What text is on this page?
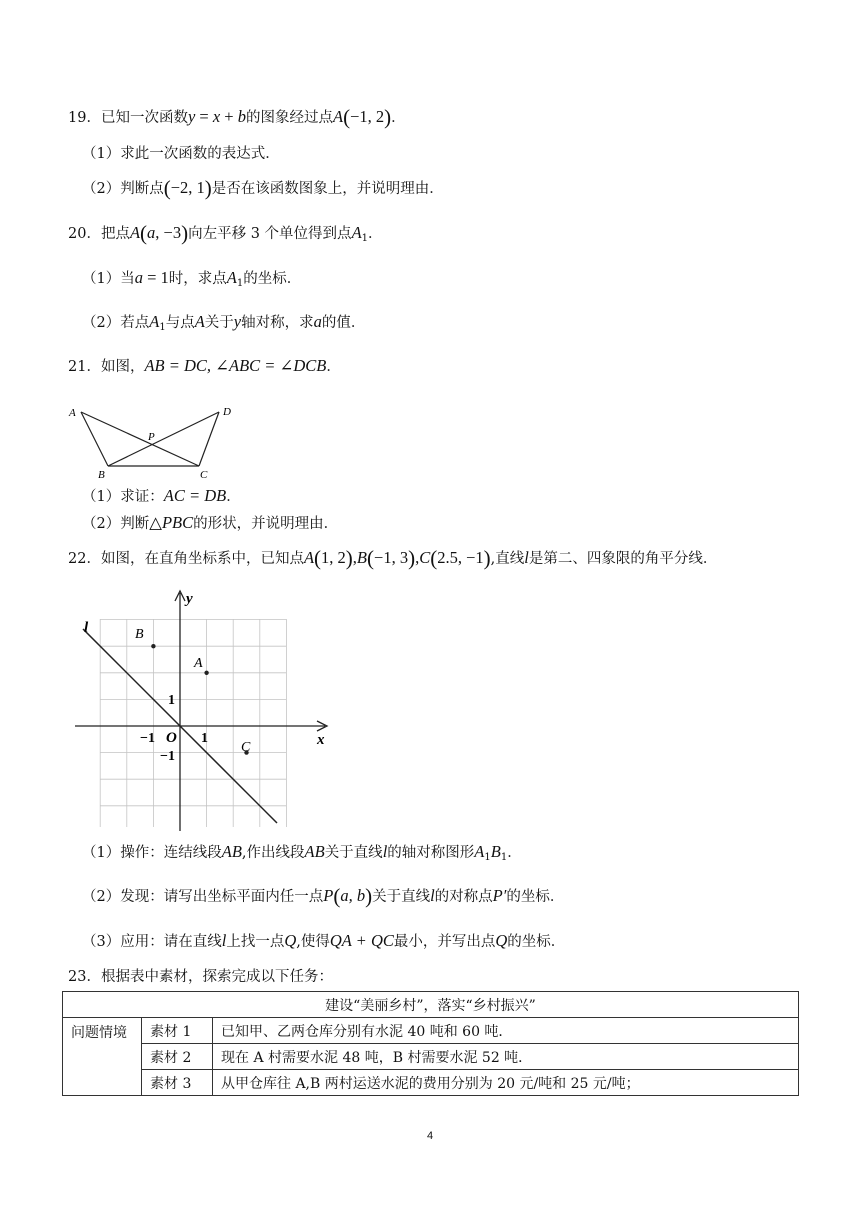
19．已知一次函数y = x + b的图象经过点A(−1, 2)．
（1）求此一次函数的表达式．
（2）判断点(−2, 1)是否在该函数图象上，并说明理由．
20．把点A(a, −3)向左平移 3 个单位得到点$A_1$．
（1）当a = 1时，求点$A_1$的坐标．
（2）若点$A_1$与点A关于y轴对称，求a的值．
21．如图，AB = DC, ∠ABC = ∠DCB．
A	D
P
B	C
（1）求证：AC = DB．
（2）判断△PBC的形状，并说明理由．
22．如图，在直角坐标系中，已知点A(1, 2),B(−1, 3),C(2.5, −1),直线l是第二、四象限的角平分线．
l
y
x
B
A
C
O
1
−1	1
−1
（1）操作：连结线段AB,作出线段AB关于直线l的轴对称图形$A_1B_1$．
（2）发现：请写出坐标平面内任一点P(a, b)关于直线l的对称点P′的坐标．
（3）应用：请在直线l上找一点Q,使得QA + QC最小，并写出点Q的坐标．
23．根据表中素材，探索完成以下任务：
建设“美丽乡村”，落实“乡村振兴”		
问题情境	素材 1	已知甲、乙两仓库分别有水泥 40 吨和 60 吨．
	素材 2	现在 A 村需要水泥 48 吨，B 村需要水泥 52 吨．
	素材 3	从甲仓库往 A,B 两村运送水泥的费用分别为 20 元/吨和 25 元/吨；
4
